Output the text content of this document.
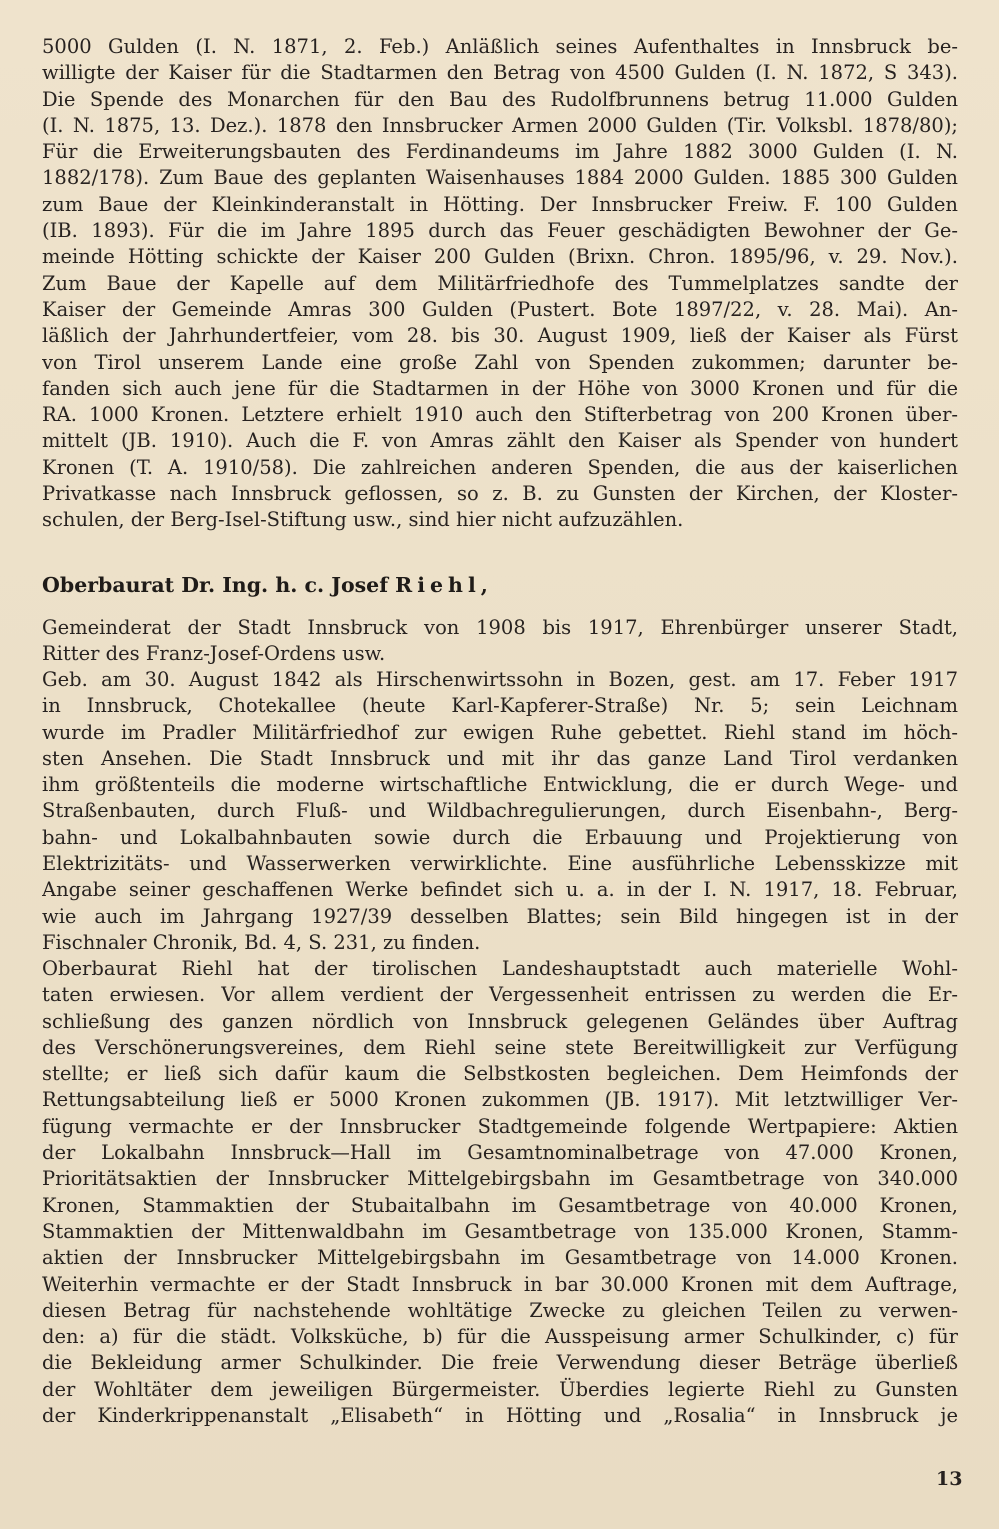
5000 Gulden (I. N. 1871, 2. Feb.) Anläßlich seines Aufenthaltes in Innsbruck be-
willigte der Kaiser für die Stadtarmen den Betrag von 4500 Gulden (I. N. 1872, S 343).
Die Spende des Monarchen für den Bau des Rudolfbrunnens betrug 11.000 Gulden
(I. N. 1875, 13. Dez.). 1878 den Innsbrucker Armen 2000 Gulden (Tir. Volksbl. 1878/80);
Für die Erweiterungsbauten des Ferdinandeums im Jahre 1882 3000 Gulden (I. N.
1882/178). Zum Baue des geplanten Waisenhauses 1884 2000 Gulden. 1885 300 Gulden
zum Baue der Kleinkinderanstalt in Hötting. Der Innsbrucker Freiw. F. 100 Gulden
(IB. 1893). Für die im Jahre 1895 durch das Feuer geschädigten Bewohner der Ge-
meinde Hötting schickte der Kaiser 200 Gulden (Brixn. Chron. 1895/96, v. 29. Nov.).
Zum Baue der Kapelle auf dem Militärfriedhofe des Tummelplatzes sandte der
Kaiser der Gemeinde Amras 300 Gulden (Pustert. Bote 1897/22, v. 28. Mai). An-
läßlich der Jahrhundertfeier, vom 28. bis 30. August 1909, ließ der Kaiser als Fürst
von Tirol unserem Lande eine große Zahl von Spenden zukommen; darunter be-
fanden sich auch jene für die Stadtarmen in der Höhe von 3000 Kronen und für die
RA. 1000 Kronen. Letztere erhielt 1910 auch den Stifterbetrag von 200 Kronen über-
mittelt (JB. 1910). Auch die F. von Amras zählt den Kaiser als Spender von hundert
Kronen (T. A. 1910/58). Die zahlreichen anderen Spenden, die aus der kaiserlichen
Privatkasse nach Innsbruck geflossen, so z. B. zu Gunsten der Kirchen, der Kloster-
schulen, der Berg-Isel-Stiftung usw., sind hier nicht aufzuzählen.
Oberbaurat Dr. Ing. h. c. Josef Riehl,
Gemeinderat der Stadt Innsbruck von 1908 bis 1917, Ehrenbürger unserer Stadt,
Ritter des Franz-Josef-Ordens usw.
Geb. am 30. August 1842 als Hirschenwirtssohn in Bozen, gest. am 17. Feber 1917
in Innsbruck, Chotekallee (heute Karl-Kapferer-Straße) Nr. 5; sein Leichnam
wurde im Pradler Militärfriedhof zur ewigen Ruhe gebettet. Riehl stand im höch-
sten Ansehen. Die Stadt Innsbruck und mit ihr das ganze Land Tirol verdanken
ihm größtenteils die moderne wirtschaftliche Entwicklung, die er durch Wege- und
Straßenbauten, durch Fluß- und Wildbachregulierungen, durch Eisenbahn-, Berg-
bahn- und Lokalbahnbauten sowie durch die Erbauung und Projektierung von
Elektrizitäts- und Wasserwerken verwirklichte. Eine ausführliche Lebensskizze mit
Angabe seiner geschaffenen Werke befindet sich u. a. in der I. N. 1917, 18. Februar,
wie auch im Jahrgang 1927/39 desselben Blattes; sein Bild hingegen ist in der
Fischnaler Chronik, Bd. 4, S. 231, zu finden.
Oberbaurat Riehl hat der tirolischen Landeshauptstadt auch materielle Wohl-
taten erwiesen. Vor allem verdient der Vergessenheit entrissen zu werden die Er-
schließung des ganzen nördlich von Innsbruck gelegenen Geländes über Auftrag
des Verschönerungsvereines, dem Riehl seine stete Bereitwilligkeit zur Verfügung
stellte; er ließ sich dafür kaum die Selbstkosten begleichen. Dem Heimfonds der
Rettungsabteilung ließ er 5000 Kronen zukommen (JB. 1917). Mit letztwilliger Ver-
fügung vermachte er der Innsbrucker Stadtgemeinde folgende Wertpapiere: Aktien
der Lokalbahn Innsbruck—Hall im Gesamtnominalbetrage von 47.000 Kronen,
Prioritätsaktien der Innsbrucker Mittelgebirgsbahn im Gesamtbetrage von 340.000
Kronen, Stammaktien der Stubaitalbahn im Gesamtbetrage von 40.000 Kronen,
Stammaktien der Mittenwaldbahn im Gesamtbetrage von 135.000 Kronen, Stamm-
aktien der Innsbrucker Mittelgebirgsbahn im Gesamtbetrage von 14.000 Kronen.
Weiterhin vermachte er der Stadt Innsbruck in bar 30.000 Kronen mit dem Auftrage,
diesen Betrag für nachstehende wohltätige Zwecke zu gleichen Teilen zu verwen-
den: a) für die städt. Volksküche, b) für die Ausspeisung armer Schulkinder, c) für
die Bekleidung armer Schulkinder. Die freie Verwendung dieser Beträge überließ
der Wohltäter dem jeweiligen Bürgermeister. Überdies legierte Riehl zu Gunsten
der Kinderkrippenanstalt „Elisabeth“ in Hötting und „Rosalia“ in Innsbruck je
13
